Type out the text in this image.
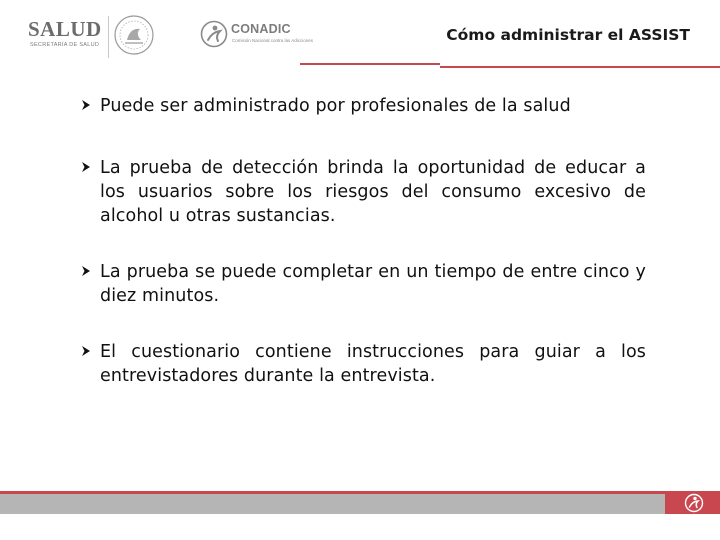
SALUD
SECRETARÍA DE SALUD
CONADIC
Comisión Nacional contra las Adicciones	Cómo administrar el ASSIST
Puede ser administrado por profesionales de la salud
La prueba de detección brinda la oportunidad de educar a los usuarios sobre los riesgos del consumo excesivo de alcohol u otras sustancias.
La prueba se puede completar en un tiempo de entre cinco y diez minutos.
El cuestionario contiene instrucciones para guiar a los entrevistadores durante la entrevista.
